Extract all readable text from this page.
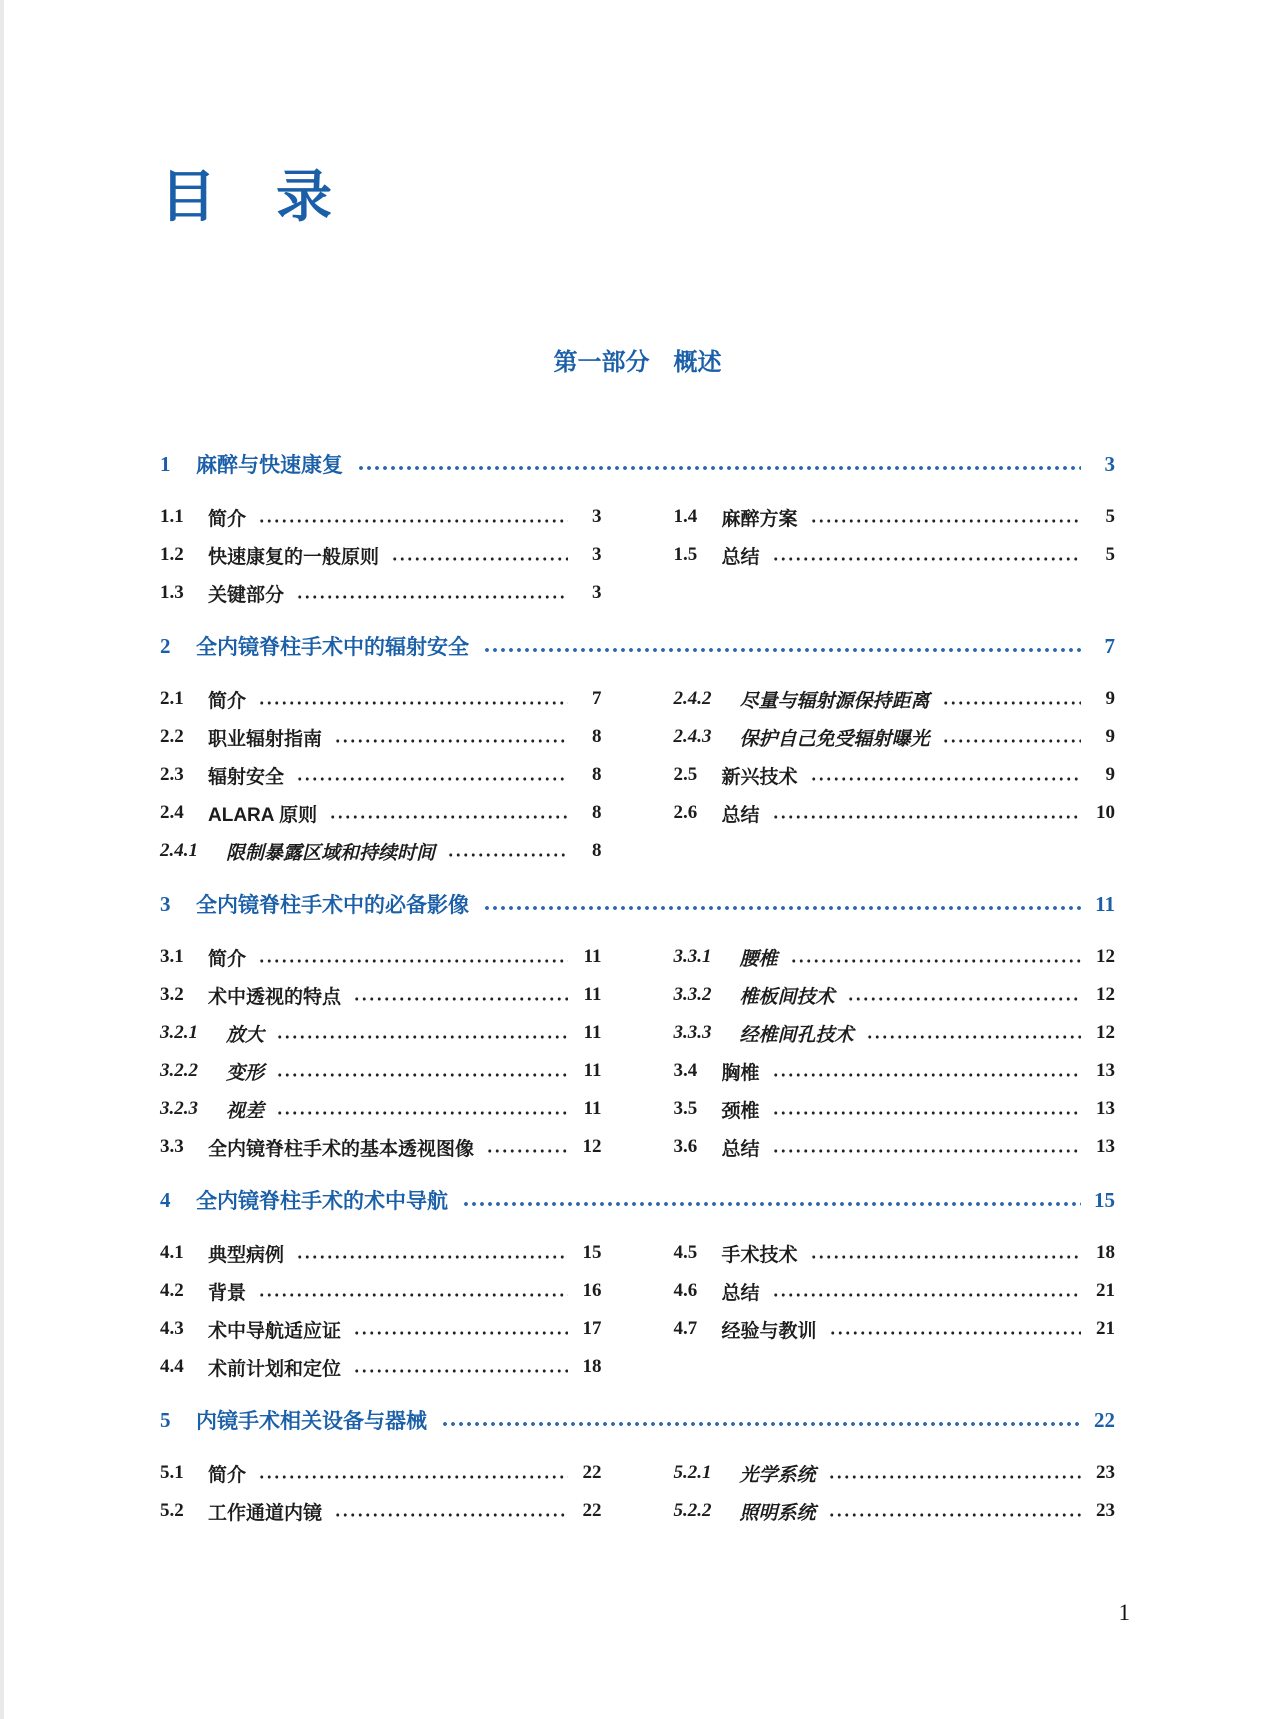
目　录
第一部分　概述
1	麻醉与快速康复	3
1.1	简介	3
1.2	快速康复的一般原则	3
1.3	关键部分	3
1.4	麻醉方案	5
1.5	总结	5
2	全内镜脊柱手术中的辐射安全	7
2.1	简介	7
2.2	职业辐射指南	8
2.3	辐射安全	8
2.4	ALARA 原则	8
2.4.1	限制暴露区域和持续时间	8
2.4.2	尽量与辐射源保持距离	9
2.4.3	保护自己免受辐射曝光	9
2.5	新兴技术	9
2.6	总结	10
3	全内镜脊柱手术中的必备影像	11
3.1	简介	11
3.2	术中透视的特点	11
3.2.1	放大	11
3.2.2	变形	11
3.2.3	视差	11
3.3	全内镜脊柱手术的基本透视图像	12
3.3.1	腰椎	12
3.3.2	椎板间技术	12
3.3.3	经椎间孔技术	12
3.4	胸椎	13
3.5	颈椎	13
3.6	总结	13
4	全内镜脊柱手术的术中导航	15
4.1	典型病例	15
4.2	背景	16
4.3	术中导航适应证	17
4.4	术前计划和定位	18
4.5	手术技术	18
4.6	总结	21
4.7	经验与教训	21
5	内镜手术相关设备与器械	22
5.1	简介	22
5.2	工作通道内镜	22
5.2.1	光学系统	23
5.2.2	照明系统	23
1
